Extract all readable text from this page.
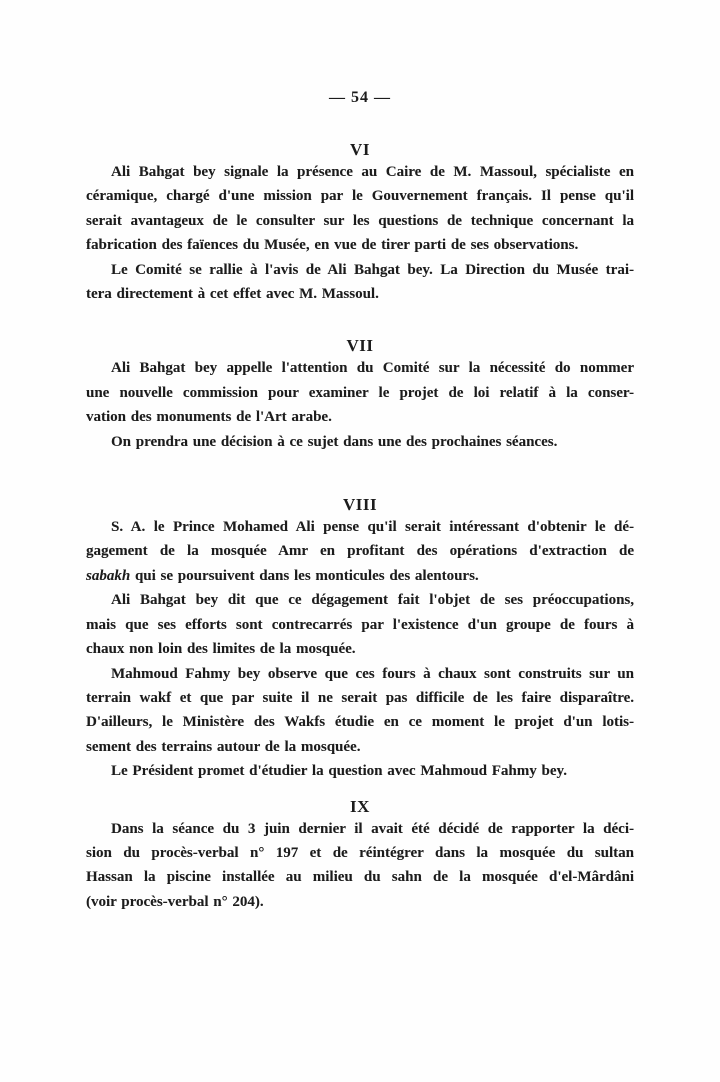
— 54 —
VI
Ali Bahgat bey signale la présence au Caire de M. Massoul, spécialiste en
céramique, chargé d'une mission par le Gouvernement français. Il pense qu'il
serait avantageux de le consulter sur les questions de technique concernant la
fabrication des faïences du Musée, en vue de tirer parti de ses observations.
Le Comité se rallie à l'avis de Ali Bahgat bey. La Direction du Musée trai-
tera directement à cet effet avec M. Massoul.
VII
Ali Bahgat bey appelle l'attention du Comité sur la nécessité do nommer
une nouvelle commission pour examiner le projet de loi relatif à la conser-
vation des monuments de l'Art arabe.
On prendra une décision à ce sujet dans une des prochaines séances.
VIII
S. A. le Prince Mohamed Ali pense qu'il serait intéressant d'obtenir le dé-
gagement de la mosquée Amr en profitant des opérations d'extraction de
sabakh qui se poursuivent dans les monticules des alentours.
Ali Bahgat bey dit que ce dégagement fait l'objet de ses préoccupations,
mais que ses efforts sont contrecarrés par l'existence d'un groupe de fours à
chaux non loin des limites de la mosquée.
Mahmoud Fahmy bey observe que ces fours à chaux sont construits sur un
terrain wakf et que par suite il ne serait pas difficile de les faire disparaître.
D'ailleurs, le Ministère des Wakfs étudie en ce moment le projet d'un lotis-
sement des terrains autour de la mosquée.
Le Président promet d'étudier la question avec Mahmoud Fahmy bey.
IX
Dans la séance du 3 juin dernier il avait été décidé de rapporter la déci-
sion du procès-verbal n° 197 et de réintégrer dans la mosquée du sultan
Hassan la piscine installée au milieu du sahn de la mosquée d'el-Mârdâni
(voir procès-verbal n° 204).
